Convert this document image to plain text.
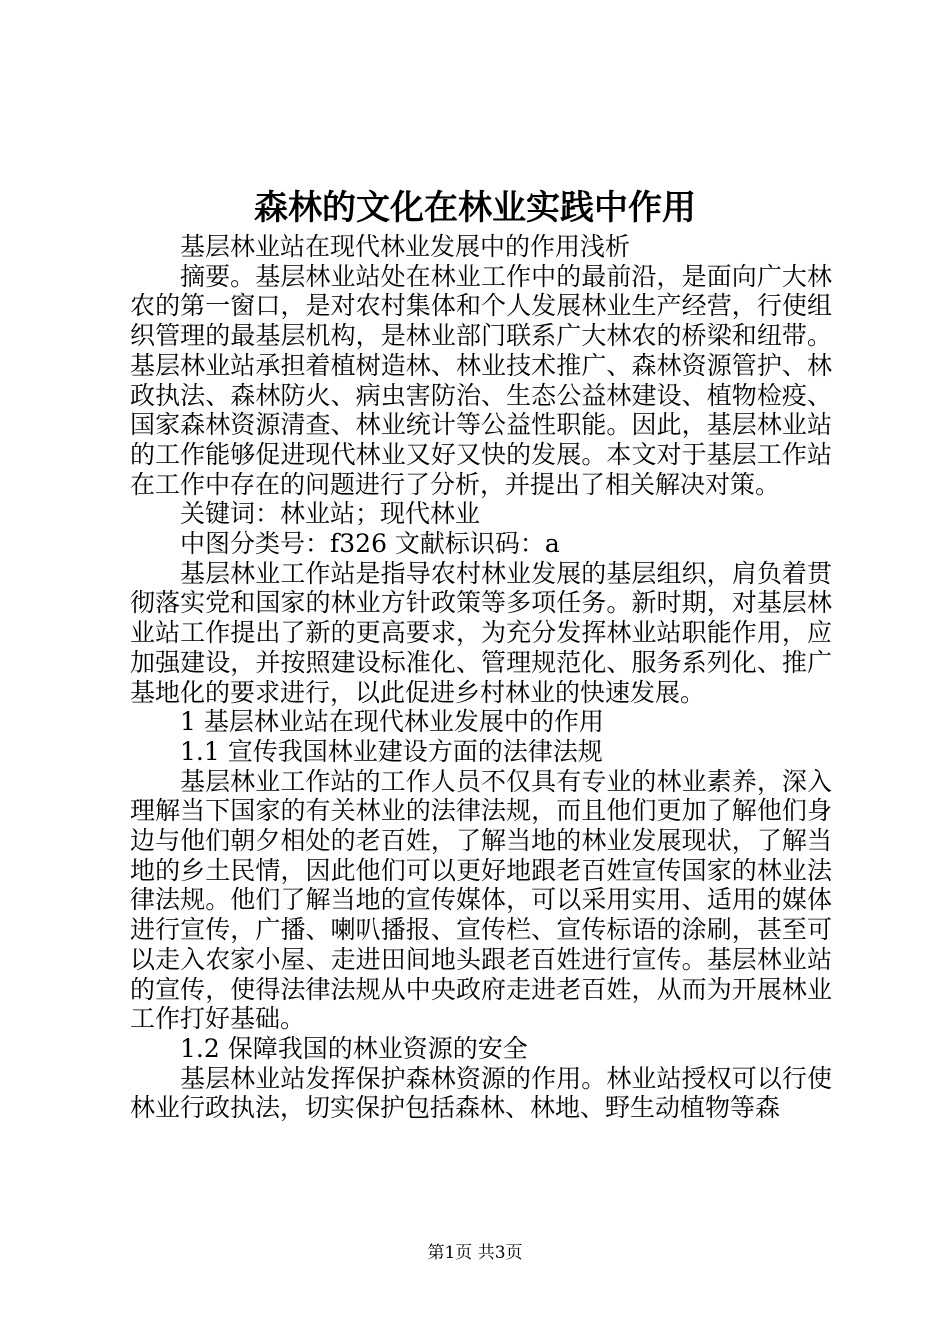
森林的文化在林业实践中作用

基层林业站在现代林业发展中的作用浅析

摘要。基层林业站处在林业工作中的最前沿，是面向广大林农的第一窗口，是对农村集体和个人发展林业生产经营，行使组织管理的最基层机构，是林业部门联系广大林农的桥梁和纽带。基层林业站承担着植树造林、林业技术推广、森林资源管护、林政执法、森林防火、病虫害防治、生态公益林建设、植物检疫、国家森林资源清查、林业统计等公益性职能。因此，基层林业站的工作能够促进现代林业又好又快的发展。本文对于基层工作站在工作中存在的问题进行了分析，并提出了相关解决对策。

关键词：林业站；现代林业

中图分类号：f326 文献标识码：a

基层林业工作站是指导农村林业发展的基层组织，肩负着贯彻落实党和国家的林业方针政策等多项任务。新时期，对基层林业站工作提出了新的更高要求，为充分发挥林业站职能作用，应加强建设，并按照建设标准化、管理规范化、服务系列化、推广基地化的要求进行，以此促进乡村林业的快速发展。

1 基层林业站在现代林业发展中的作用

1.1 宣传我国林业建设方面的法律法规

基层林业工作站的工作人员不仅具有专业的林业素养，深入理解当下国家的有关林业的法律法规，而且他们更加了解他们身边与他们朝夕相处的老百姓，了解当地的林业发展现状，了解当地的乡土民情，因此他们可以更好地跟老百姓宣传国家的林业法律法规。他们了解当地的宣传媒体，可以采用实用、适用的媒体进行宣传，广播、喇叭播报、宣传栏、宣传标语的涂刷，甚至可以走入农家小屋、走进田间地头跟老百姓进行宣传。基层林业站的宣传，使得法律法规从中央政府走进老百姓，从而为开展林业工作打好基础。

1.2 保障我国的林业资源的安全

基层林业站发挥保护森林资源的作用。林业站授权可以行使林业行政执法，切实保护包括森林、林地、野生动植物等森

第1页 共3页
